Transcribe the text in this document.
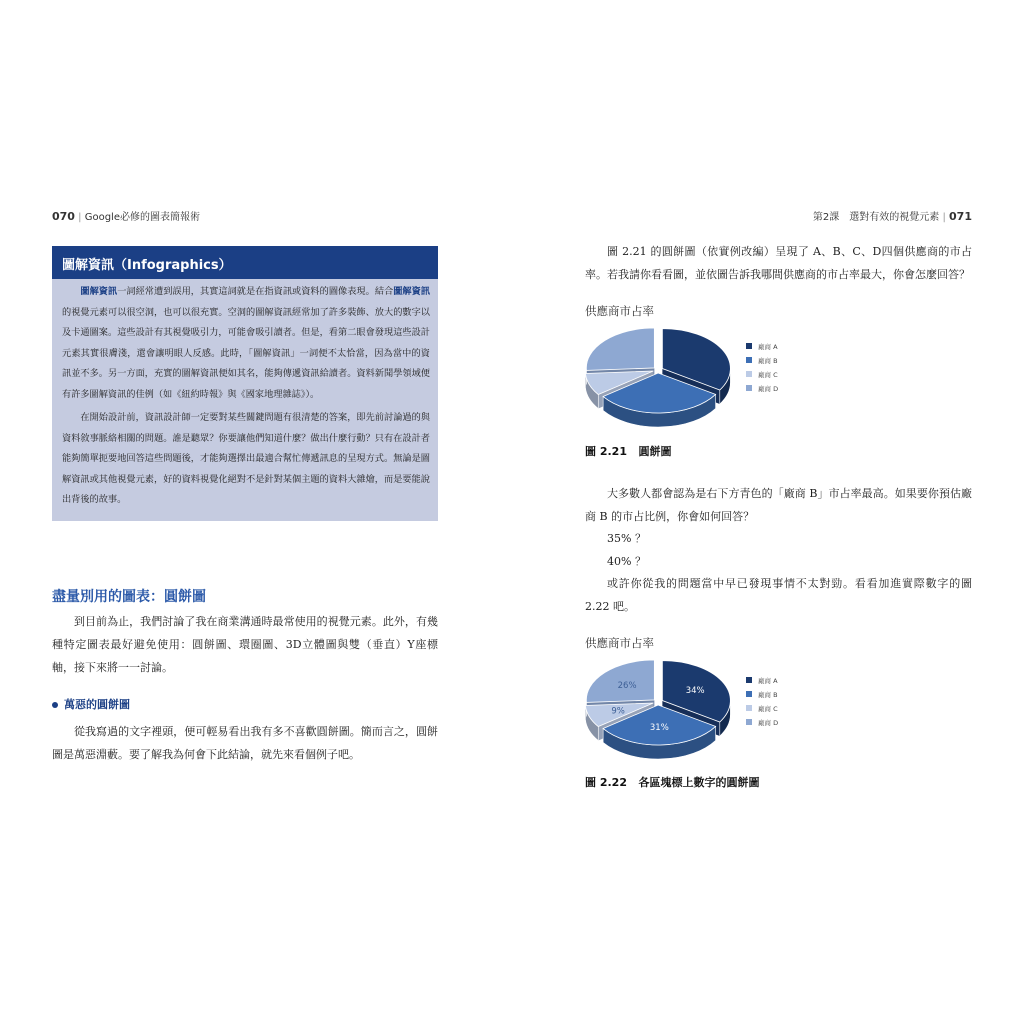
070 | Google必修的圖表簡報術	第2課　選對有效的視覺元素 | 071
圖解資訊（Infographics）

圖解資訊一詞經常遭到誤用，其實這詞就是在指資訊或資料的圖像表現。結合圖解資訊的視覺元素可以很空洞，也可以很充實。空洞的圖解資訊經常加了許多裝飾、放大的數字以及卡通圖案。這些設計有其視覺吸引力，可能會吸引讀者。但是，看第二眼會發現這些設計元素其實很膚淺，還會讓明眼人反感。此時，「圖解資訊」一詞便不太恰當，因為當中的資訊並不多。另一方面，充實的圖解資訊便如其名，能夠傳遞資訊給讀者。資料新聞學領域便有許多圖解資訊的佳例（如《紐約時報》與《國家地理雜誌》）。

在開始設計前，資訊設計師一定要對某些關鍵問題有很清楚的答案，即先前討論過的與資料敘事脈絡相關的問題。誰是聽眾？你要讓他們知道什麼？做出什麼行動？只有在設計者能夠簡單扼要地回答這些問題後，才能夠選擇出最適合幫忙傳遞訊息的呈現方式。無論是圖解資訊或其他視覺元素，好的資料視覺化絕對不是針對某個主題的資料大雜燴，而是要能說出背後的故事。

盡量別用的圖表：圓餅圖

到目前為止，我們討論了我在商業溝通時最常使用的視覺元素。此外，有幾種特定圖表最好避免使用：圓餅圖、環圈圖、3D立體圖與雙（垂直）Y座標軸，接下來將一一討論。

萬惡的圓餅圖

從我寫過的文字裡頭，便可輕易看出我有多不喜歡圓餅圖。簡而言之，圓餅圖是萬惡淵藪。要了解我為何會下此結論，就先來看個例子吧。

圖 2.21 的圓餅圖（依實例改編）呈現了 A、B、C、D四個供應商的市占率。若我請你看看圖，並依圖告訴我哪間供應商的市占率最大，你會怎麼回答？

供應商市占率
廠商 A
廠商 B
廠商 C
廠商 D
圖 2.21 圓餅圖

大多數人都會認為是右下方青色的「廠商 B」市占率最高。如果要你預估廠商 B 的市占比例，你會如何回答？

35% ？
40% ？

或許你從我的問題當中早已發現事情不太對勁。看看加進實際數字的圖 2.22 吧。

供應商市占率
34%
31%
9%
26%
廠商 A
廠商 B
廠商 C
廠商 D
圖 2.22 各區塊標上數字的圓餅圖
